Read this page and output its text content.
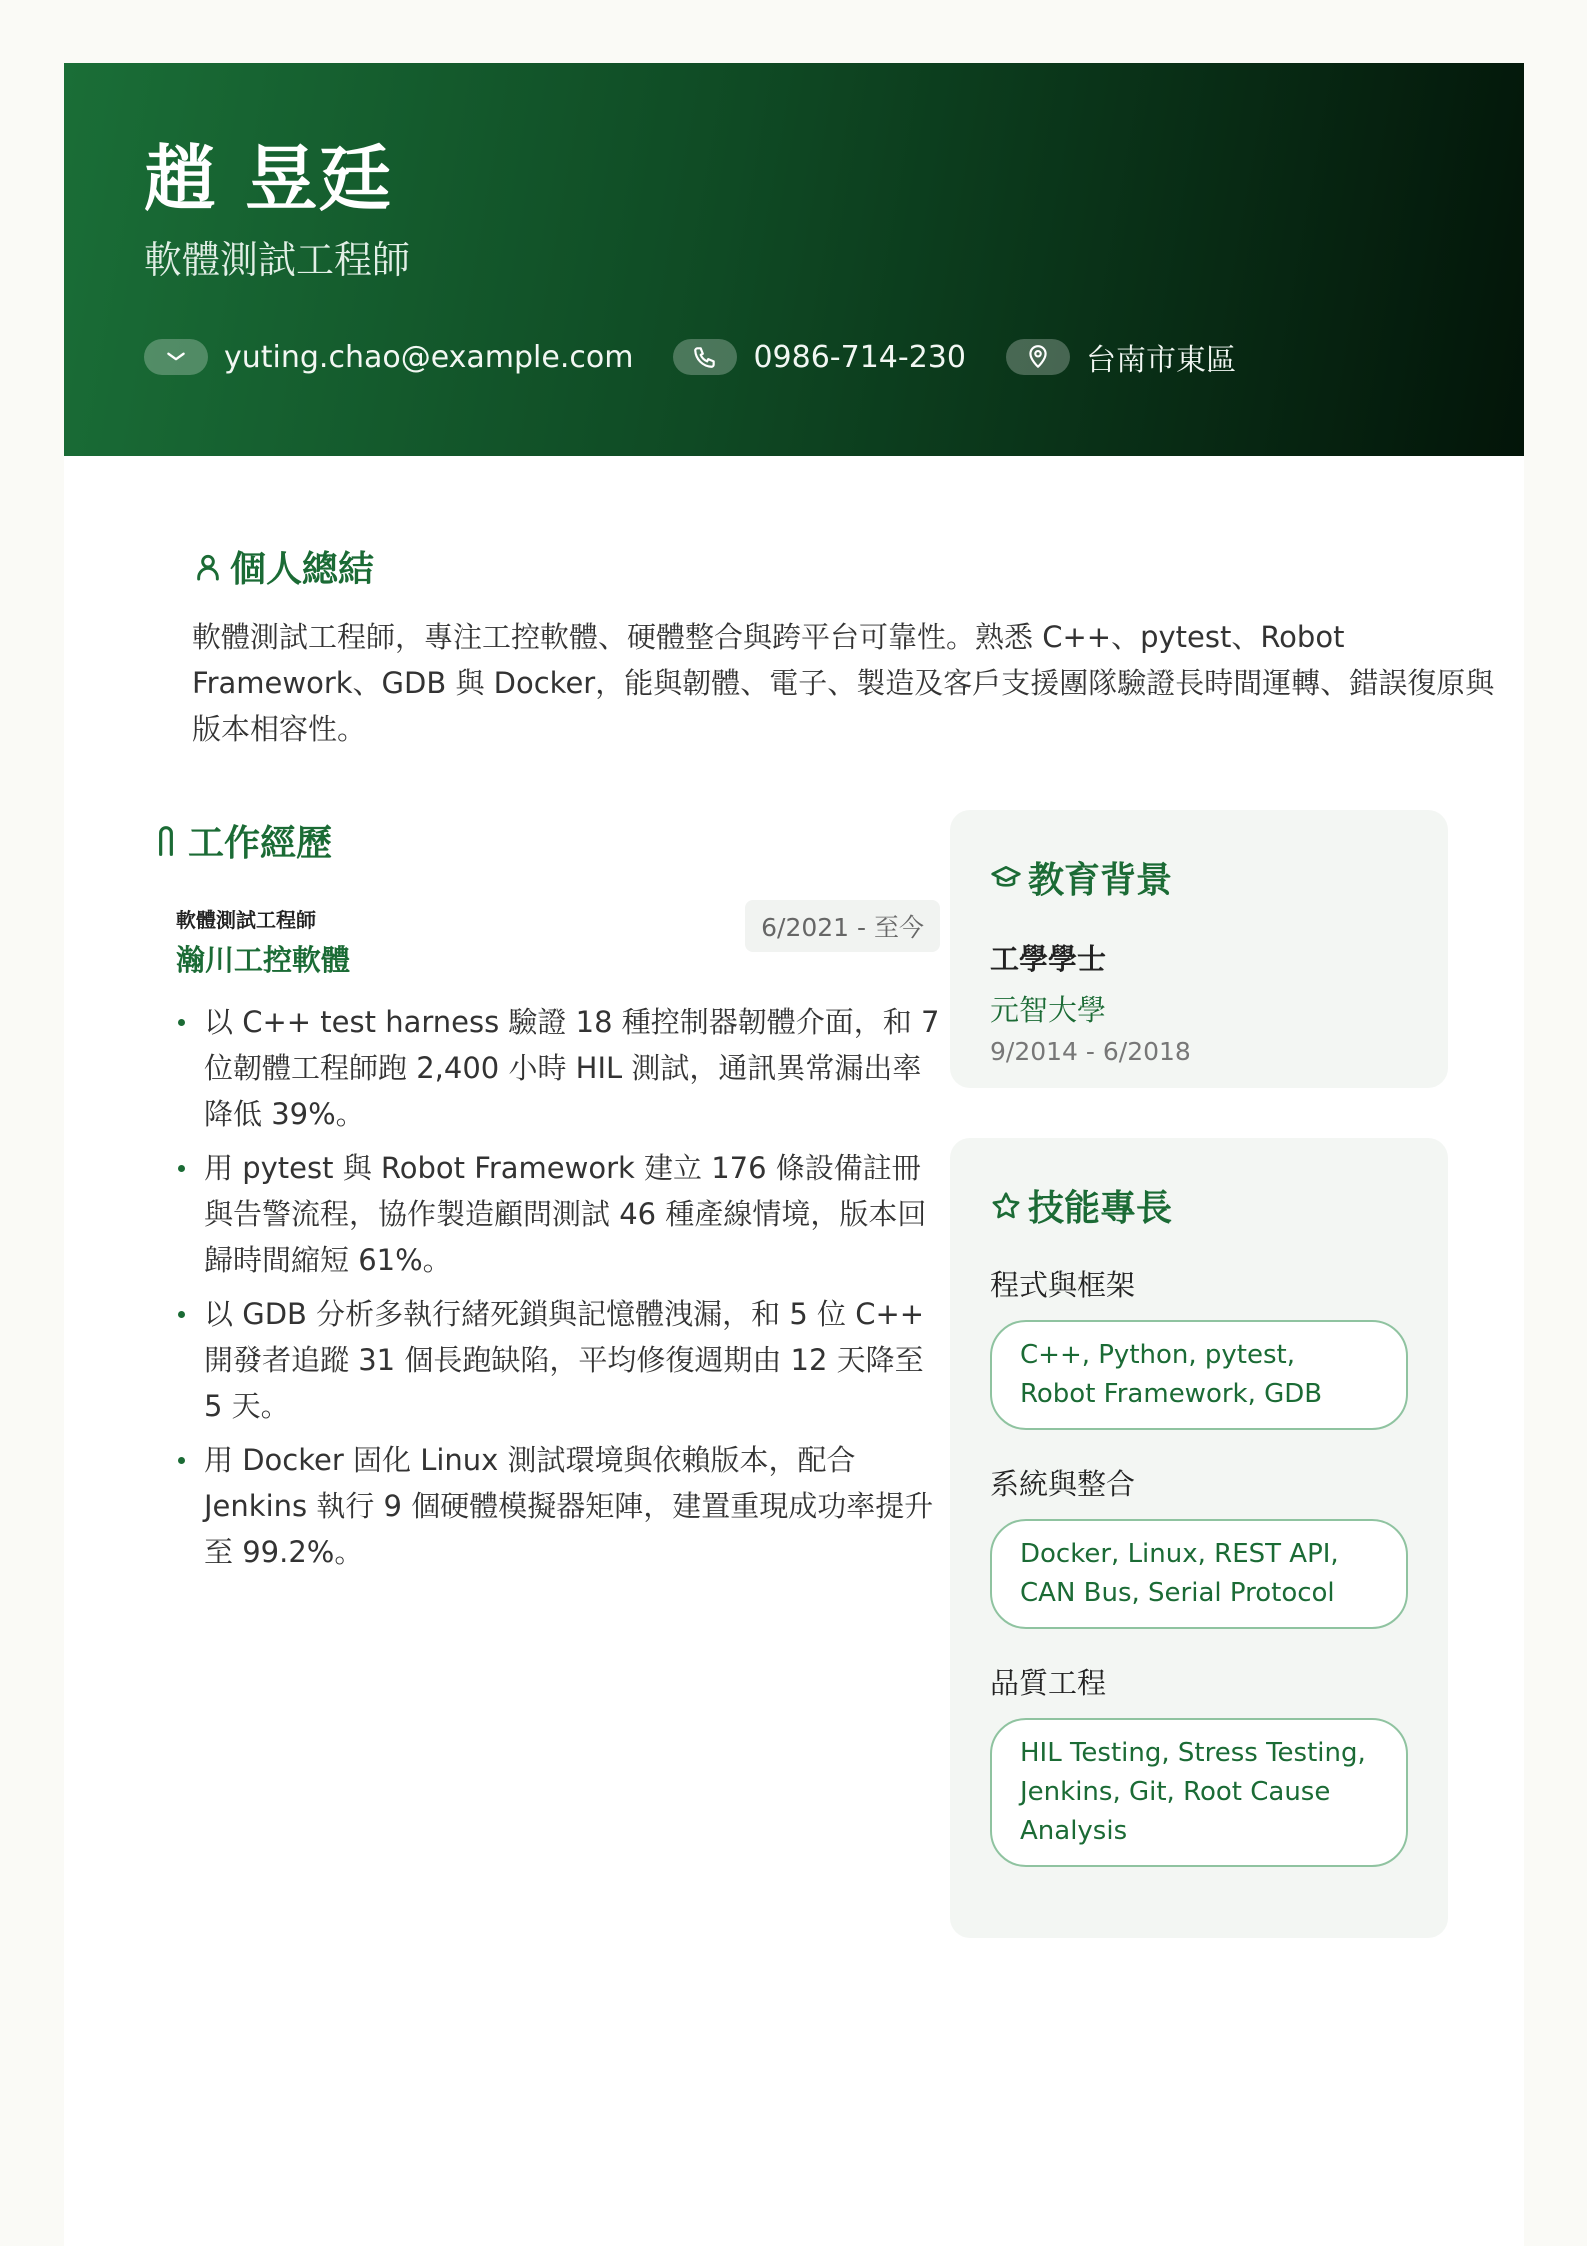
趙 昱廷
軟體測試工程師
yuting.chao@example.com	0986-714-230	台南市東區
個人總結
軟體測試工程師，專注工控軟體、硬體整合與跨平台可靠性。熟悉 C++、pytest、Robot Framework、GDB 與 Docker，能與韌體、電子、製造及客戶支援團隊驗證長時間運轉、錯誤復原與版本相容性。
工作經歷
軟體測試工程師
瀚川工控軟體
6/2021 - 至今
以 C++ test harness 驗證 18 種控制器韌體介面，和 7 位韌體工程師跑 2,400 小時 HIL 測試，通訊異常漏出率降低 39%。
用 pytest 與 Robot Framework 建立 176 條設備註冊與告警流程，協作製造顧問測試 46 種產線情境，版本回歸時間縮短 61%。
以 GDB 分析多執行緒死鎖與記憶體洩漏，和 5 位 C++ 開發者追蹤 31 個長跑缺陷，平均修復週期由 12 天降至 5 天。
用 Docker 固化 Linux 測試環境與依賴版本，配合 Jenkins 執行 9 個硬體模擬器矩陣，建置重現成功率提升至 99.2%。
教育背景
工學學士
元智大學
9/2014 - 6/2018
技能專長
程式與框架
C++, Python, pytest, Robot Framework, GDB
系統與整合
Docker, Linux, REST API, CAN Bus, Serial Protocol
品質工程
HIL Testing, Stress Testing, Jenkins, Git, Root Cause Analysis
